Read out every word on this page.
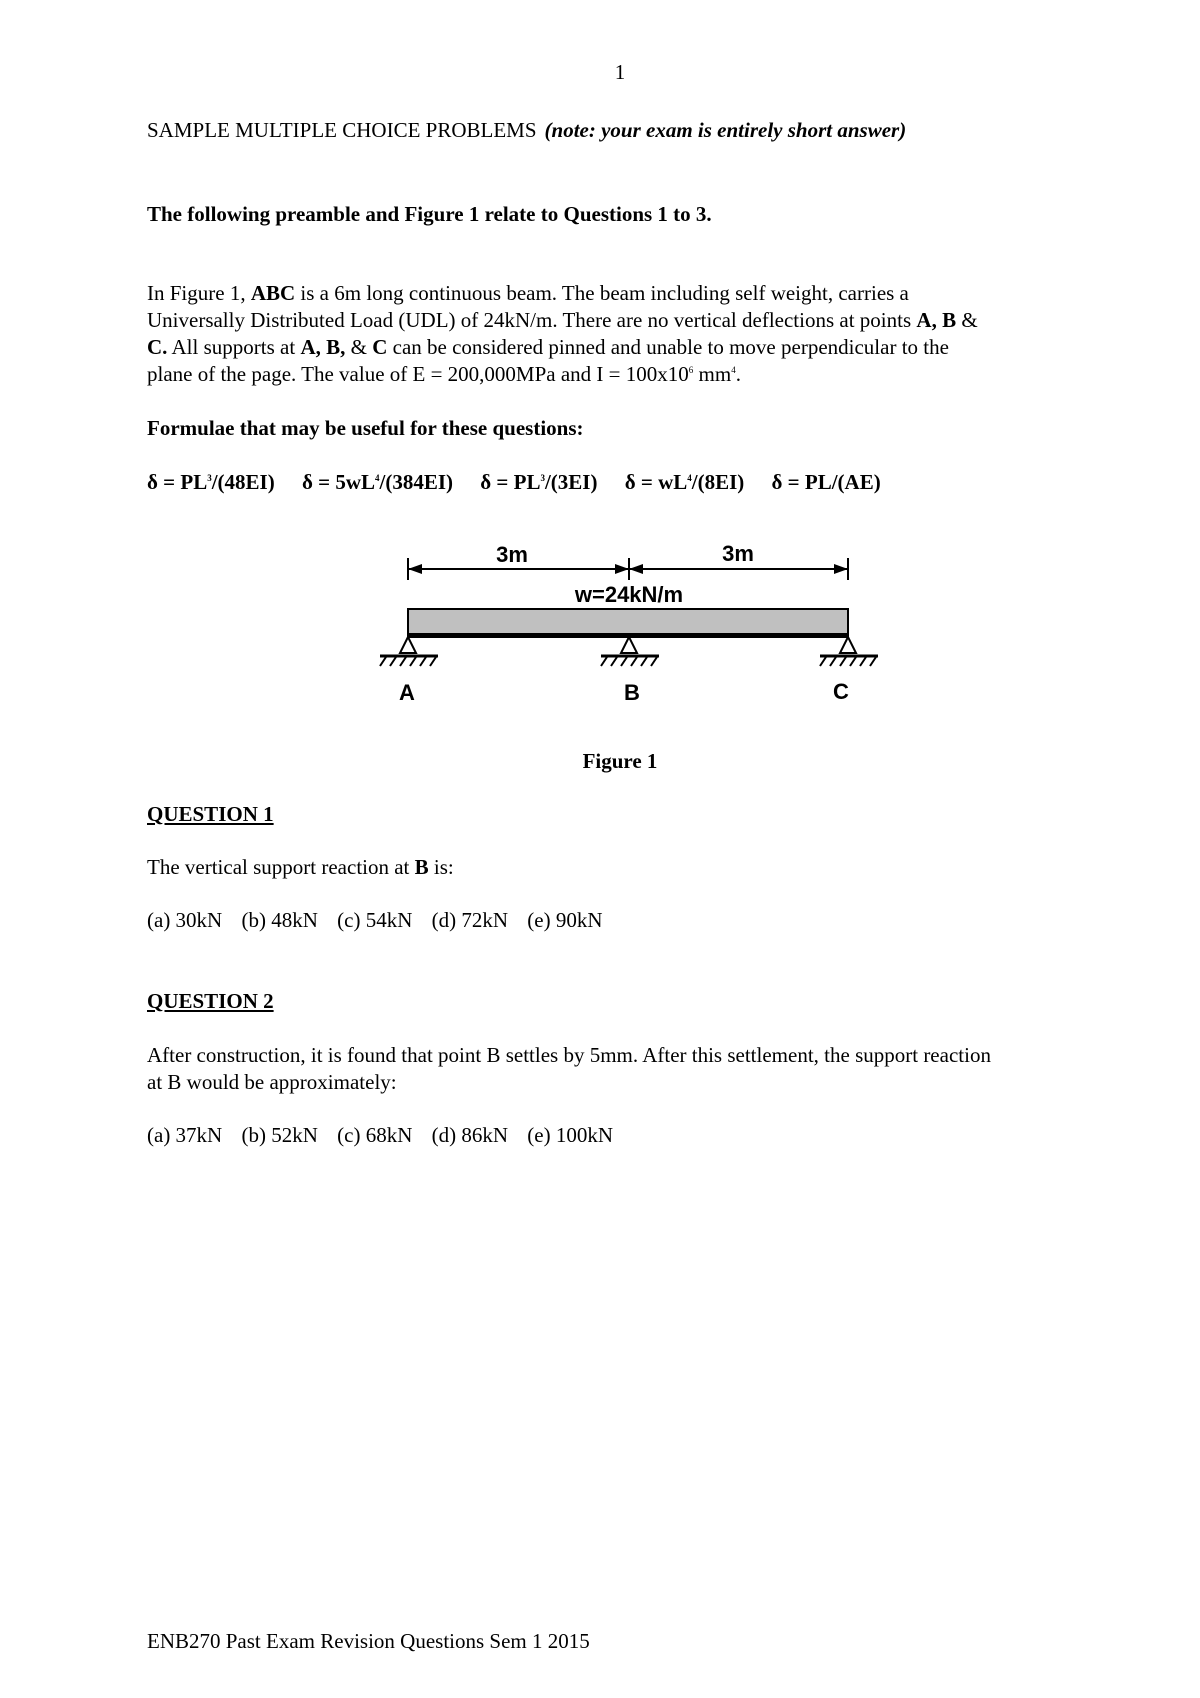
1
SAMPLE MULTIPLE CHOICE PROBLEMS (note: your exam is entirely short answer)
The following preamble and Figure 1 relate to Questions 1 to 3.
In Figure 1, ABC is a 6m long continuous beam. The beam including self weight, carries a
Universally Distributed Load (UDL) of 24kN/m. There are no vertical deflections at points A, B &
C. All supports at A, B, & C can be considered pinned and unable to move perpendicular to the
plane of the page. The value of E = 200,000MPa and $I = 100x10^6$ $mm^4$.
Formulae that may be useful for these questions:
$\delta = PL^3/(48EI) \delta = 5wL^4/(384EI) \delta = PL^3/(3EI) \delta = wL^4/(8EI) \delta = PL/(AE)$
3m	3m
w=24kN/m
A	B	C
Figure 1
QUESTION 1
The vertical support reaction at B is:
(a) 30kN (b) 48kN (c) 54kN (d) 72kN (e) 90kN
QUESTION 2
After construction, it is found that point B settles by 5mm. After this settlement, the support reaction
at B would be approximately:
(a) 37kN (b) 52kN (c) 68kN (d) 86kN (e) 100kN
ENB270 Past Exam Revision Questions Sem 1 2015
